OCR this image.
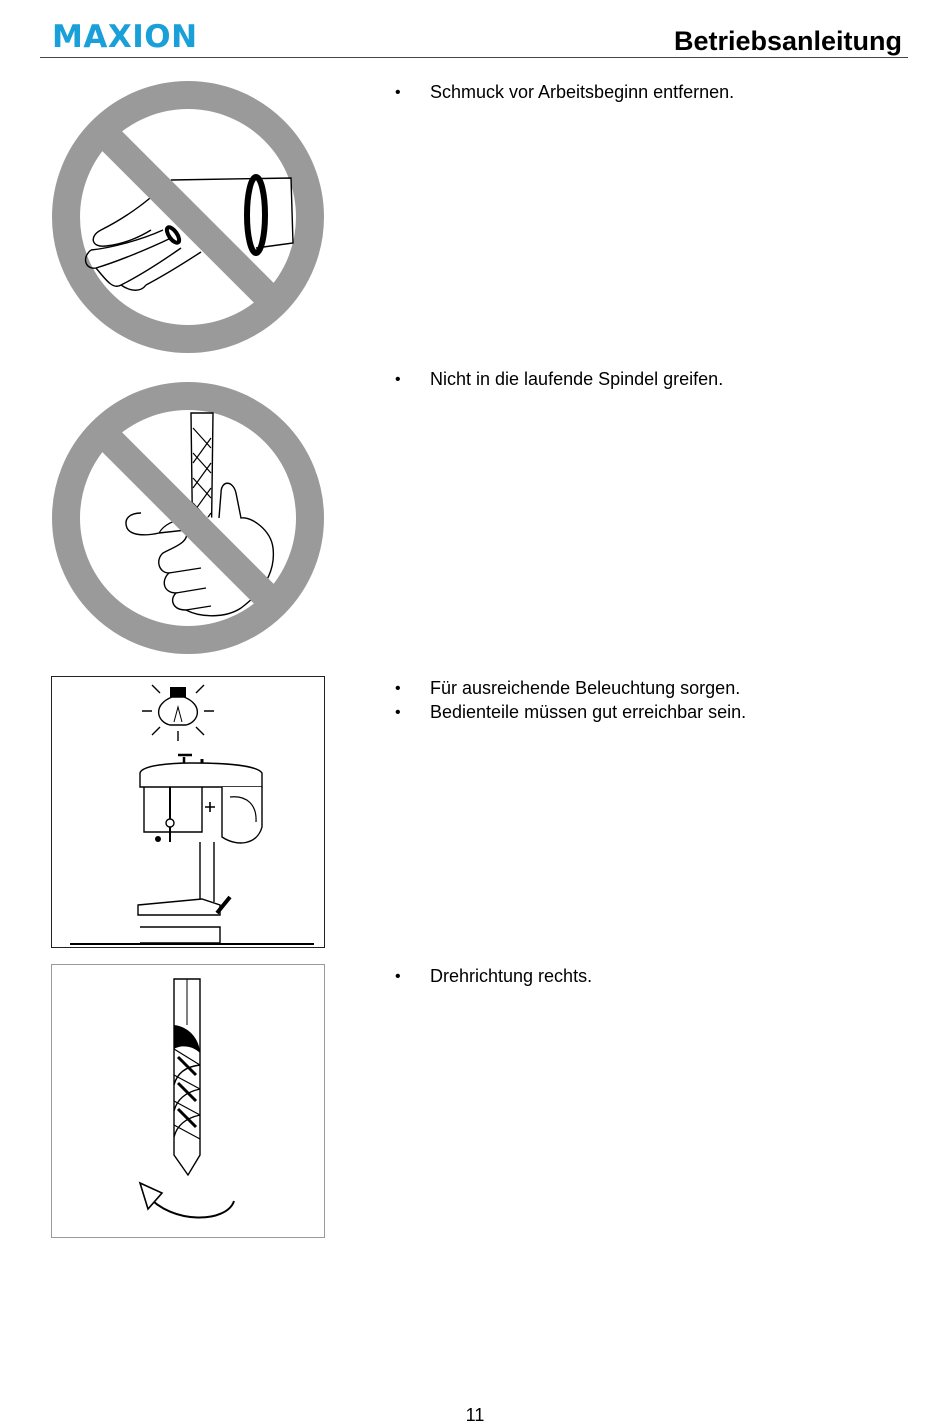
MAXION	Betriebsanleitung
• Schmuck vor Arbeitsbeginn entfernen.
• Nicht in die laufende Spindel greifen.
• Für ausreichende Beleuchtung sorgen.
• Bedienteile müssen gut erreichbar sein.
• Drehrichtung rechts.
11
